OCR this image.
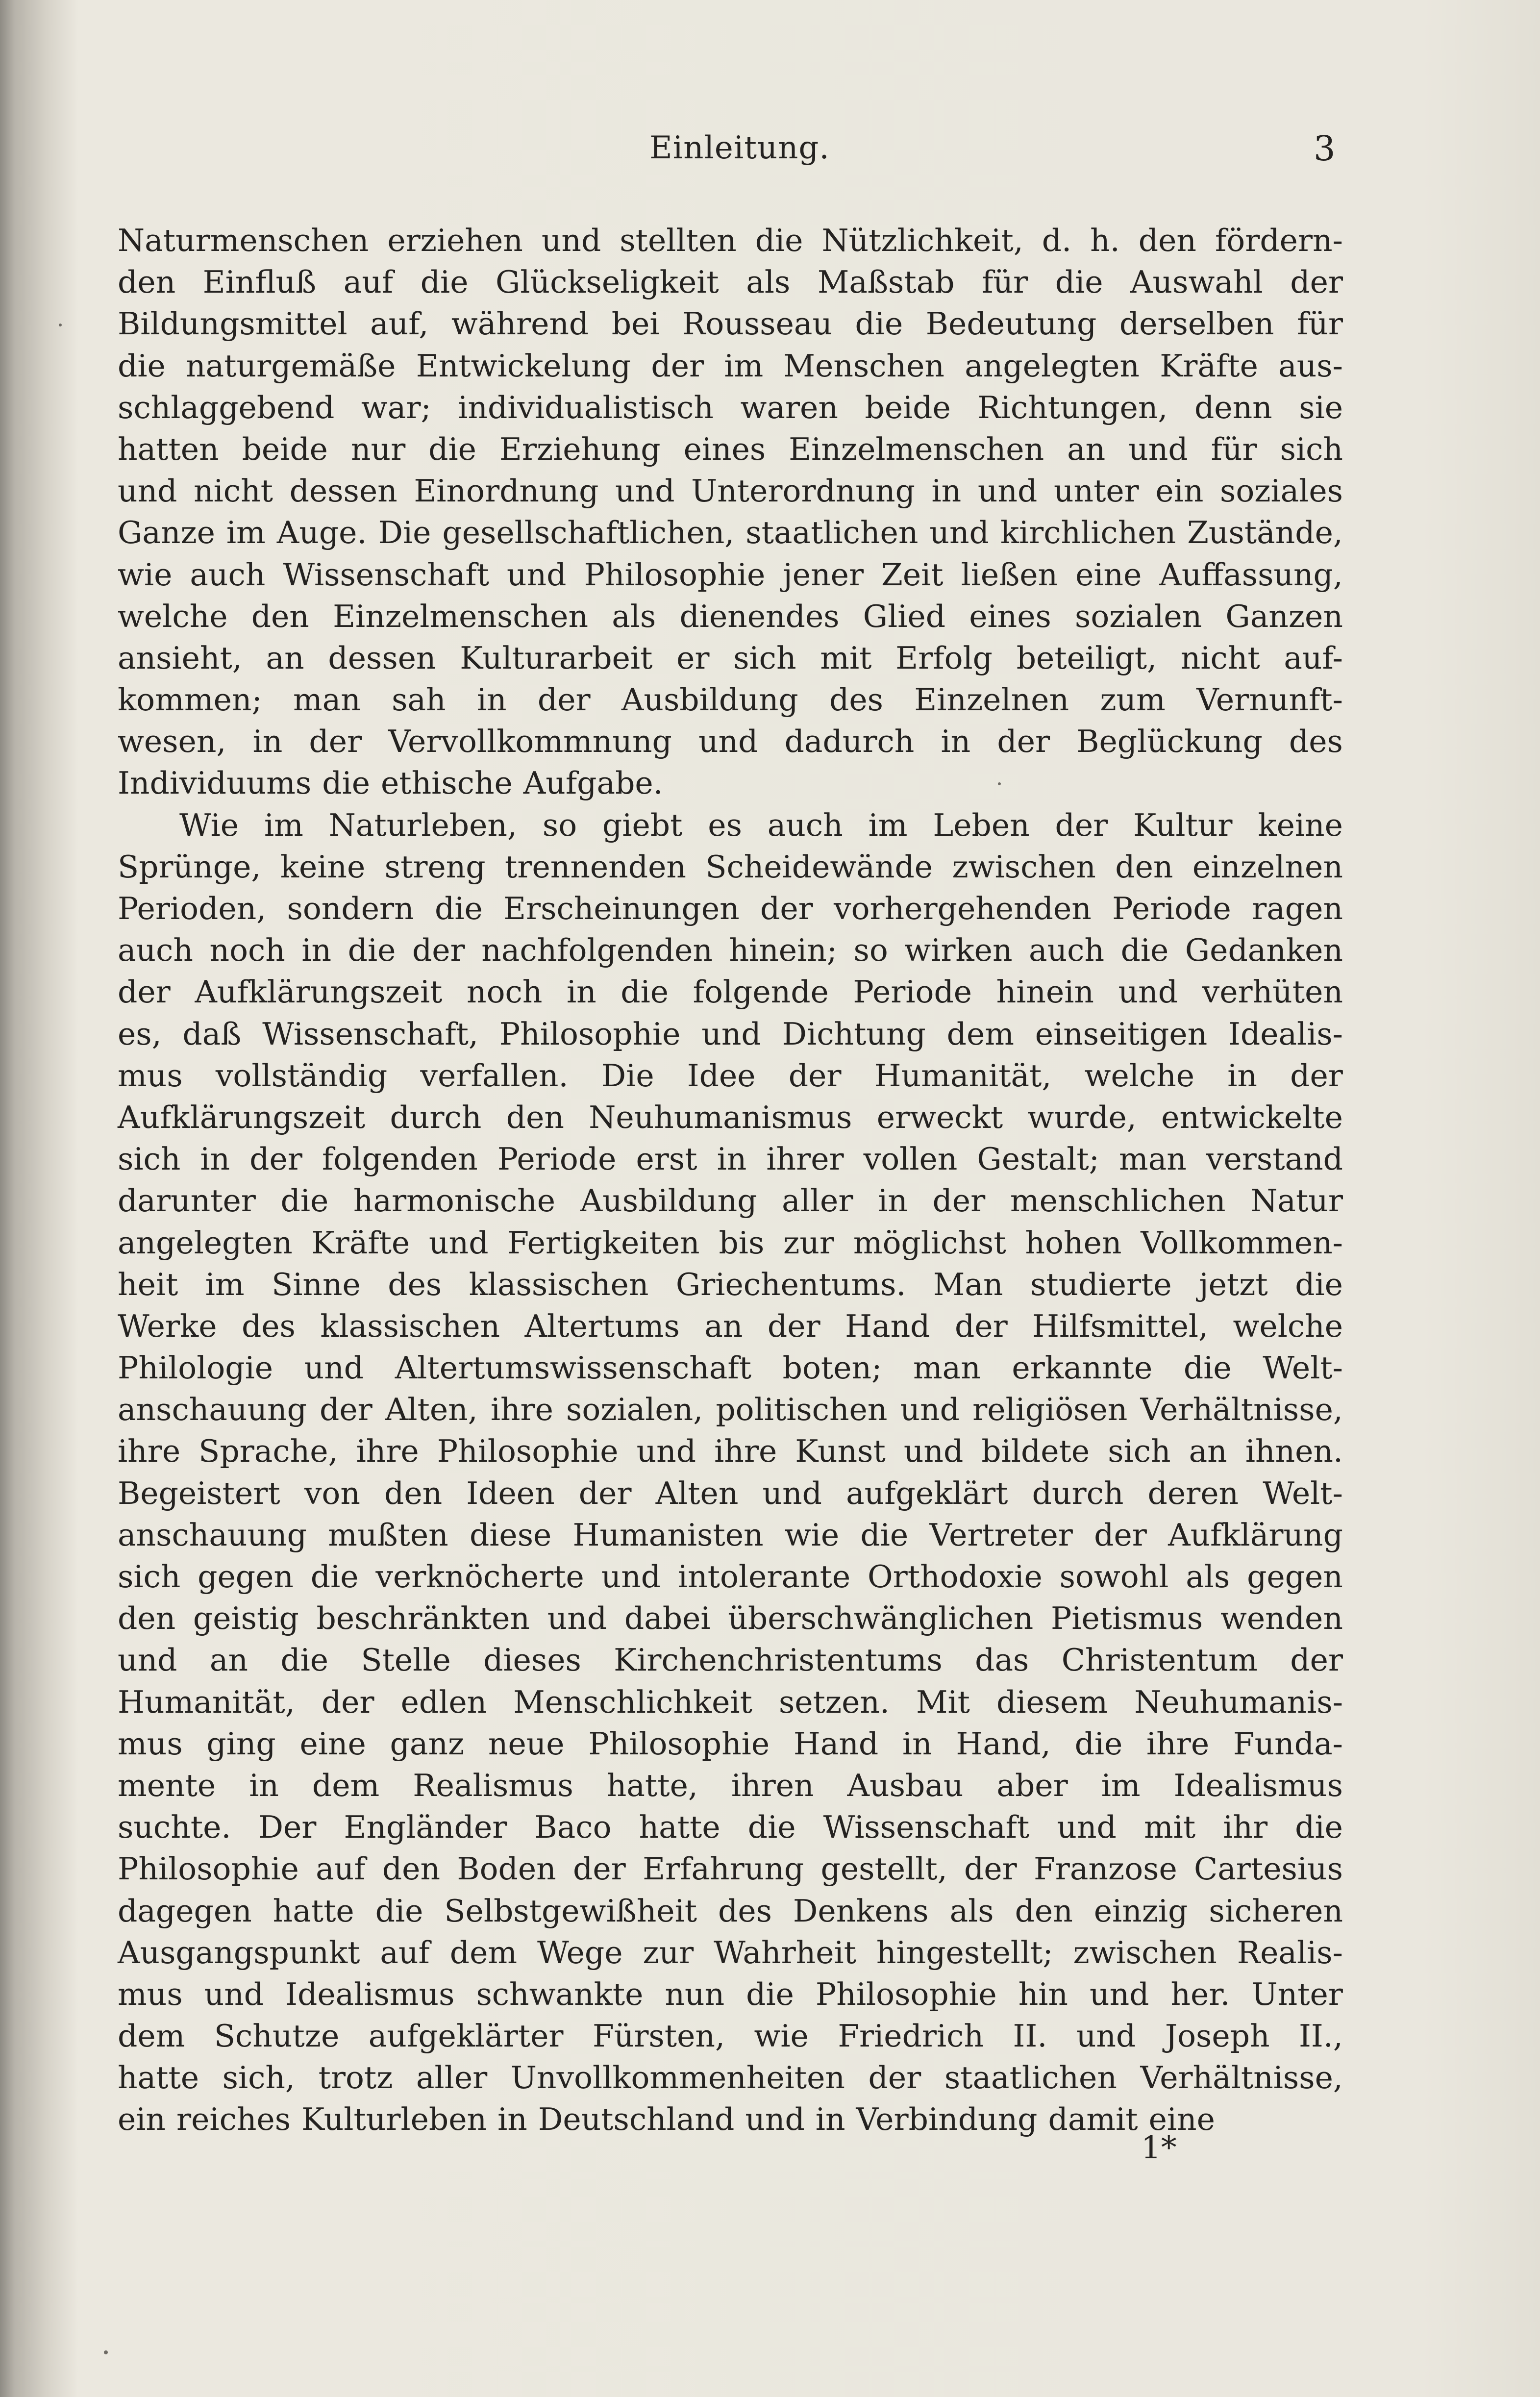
Einleitung.	3
Naturmenschen erziehen und stellten die Nützlichkeit, d. h. den fördern-
den Einfluß auf die Glückseligkeit als Maßstab für die Auswahl der
Bildungsmittel auf, während bei Rousseau die Bedeutung derselben für
die naturgemäße Entwickelung der im Menschen angelegten Kräfte aus-
schlaggebend war; individualistisch waren beide Richtungen, denn sie
hatten beide nur die Erziehung eines Einzelmenschen an und für sich
und nicht dessen Einordnung und Unterordnung in und unter ein soziales
Ganze im Auge. Die gesellschaftlichen, staatlichen und kirchlichen Zustände,
wie auch Wissenschaft und Philosophie jener Zeit ließen eine Auffassung,
welche den Einzelmenschen als dienendes Glied eines sozialen Ganzen
ansieht, an dessen Kulturarbeit er sich mit Erfolg beteiligt, nicht auf-
kommen; man sah in der Ausbildung des Einzelnen zum Vernunft-
wesen, in der Vervollkommnung und dadurch in der Beglückung des
Individuums die ethische Aufgabe.
Wie im Naturleben, so giebt es auch im Leben der Kultur keine
Sprünge, keine streng trennenden Scheidewände zwischen den einzelnen
Perioden, sondern die Erscheinungen der vorhergehenden Periode ragen
auch noch in die der nachfolgenden hinein; so wirken auch die Gedanken
der Aufklärungszeit noch in die folgende Periode hinein und verhüten
es, daß Wissenschaft, Philosophie und Dichtung dem einseitigen Idealis-
mus vollständig verfallen. Die Idee der Humanität, welche in der
Aufklärungszeit durch den Neuhumanismus erweckt wurde, entwickelte
sich in der folgenden Periode erst in ihrer vollen Gestalt; man verstand
darunter die harmonische Ausbildung aller in der menschlichen Natur
angelegten Kräfte und Fertigkeiten bis zur möglichst hohen Vollkommen-
heit im Sinne des klassischen Griechentums. Man studierte jetzt die
Werke des klassischen Altertums an der Hand der Hilfsmittel, welche
Philologie und Altertumswissenschaft boten; man erkannte die Welt-
anschauung der Alten, ihre sozialen, politischen und religiösen Verhältnisse,
ihre Sprache, ihre Philosophie und ihre Kunst und bildete sich an ihnen.
Begeistert von den Ideen der Alten und aufgeklärt durch deren Welt-
anschauung mußten diese Humanisten wie die Vertreter der Aufklärung
sich gegen die verknöcherte und intolerante Orthodoxie sowohl als gegen
den geistig beschränkten und dabei überschwänglichen Pietismus wenden
und an die Stelle dieses Kirchenchristentums das Christentum der
Humanität, der edlen Menschlichkeit setzen. Mit diesem Neuhumanis-
mus ging eine ganz neue Philosophie Hand in Hand, die ihre Funda-
mente in dem Realismus hatte, ihren Ausbau aber im Idealismus
suchte. Der Engländer Baco hatte die Wissenschaft und mit ihr die
Philosophie auf den Boden der Erfahrung gestellt, der Franzose Cartesius
dagegen hatte die Selbstgewißheit des Denkens als den einzig sicheren
Ausgangspunkt auf dem Wege zur Wahrheit hingestellt; zwischen Realis-
mus und Idealismus schwankte nun die Philosophie hin und her. Unter
dem Schutze aufgeklärter Fürsten, wie Friedrich II. und Joseph II.,
hatte sich, trotz aller Unvollkommenheiten der staatlichen Verhältnisse,
ein reiches Kulturleben in Deutschland und in Verbindung damit eine
1*
